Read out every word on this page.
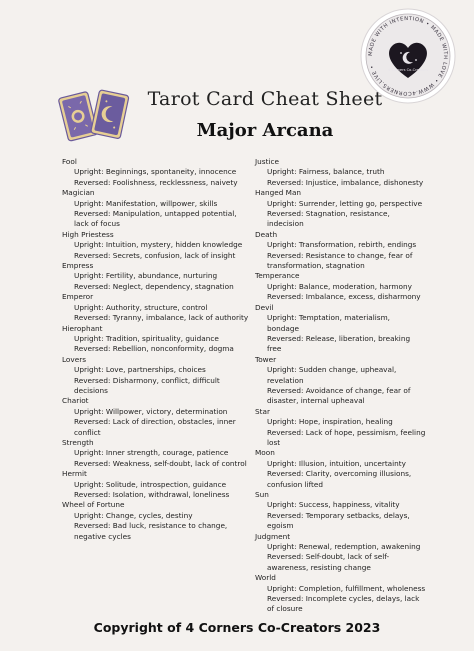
MADE WITH INTENTION • MADE WITH LOVE • WWW.4CORNERS.LIVE •
4 Corners Co-Creators
Tarot Card Cheat Sheet
Major Arcana
Fool
Upright: Beginnings, spontaneity, innocence
Reversed: Foolishness, recklessness, naivety
Magician
Upright: Manifestation, willpower, skills
Reversed: Manipulation, untapped potential,
lack of focus
High Priestess
Upright: Intuition, mystery, hidden knowledge
Reversed: Secrets, confusion, lack of insight
Empress
Upright: Fertility, abundance, nurturing
Reversed: Neglect, dependency, stagnation
Emperor
Upright: Authority, structure, control
Reversed: Tyranny, imbalance, lack of authority
Hierophant
Upright: Tradition, spirituality, guidance
Reversed: Rebellion, nonconformity, dogma
Lovers
Upright: Love, partnerships, choices
Reversed: Disharmony, conflict, difficult
decisions
Chariot
Upright: Willpower, victory, determination
Reversed: Lack of direction, obstacles, inner
conflict
Strength
Upright: Inner strength, courage, patience
Reversed: Weakness, self-doubt, lack of control
Hermit
Upright: Solitude, introspection, guidance
Reversed: Isolation, withdrawal, loneliness
Wheel of Fortune
Upright: Change, cycles, destiny
Reversed: Bad luck, resistance to change,
negative cycles
Justice
Upright: Fairness, balance, truth
Reversed: Injustice, imbalance, dishonesty
Hanged Man
Upright: Surrender, letting go, perspective
Reversed: Stagnation, resistance,
indecision
Death
Upright: Transformation, rebirth, endings
Reversed: Resistance to change, fear of
transformation, stagnation
Temperance
Upright: Balance, moderation, harmony
Reversed: Imbalance, excess, disharmony
Devil
Upright: Temptation, materialism,
bondage
Reversed: Release, liberation, breaking
free
Tower
Upright: Sudden change, upheaval,
revelation
Reversed: Avoidance of change, fear of
disaster, internal upheaval
Star
Upright: Hope, inspiration, healing
Reversed: Lack of hope, pessimism, feeling
lost
Moon
Upright: Illusion, intuition, uncertainty
Reversed: Clarity, overcoming illusions,
confusion lifted
Sun
Upright: Success, happiness, vitality
Reversed: Temporary setbacks, delays,
egoism
Judgment
Upright: Renewal, redemption, awakening
Reversed: Self-doubt, lack of self-
awareness, resisting change
World
Upright: Completion, fulfillment, wholeness
Reversed: Incomplete cycles, delays, lack
of closure
Copyright of 4 Corners Co-Creators 2023
